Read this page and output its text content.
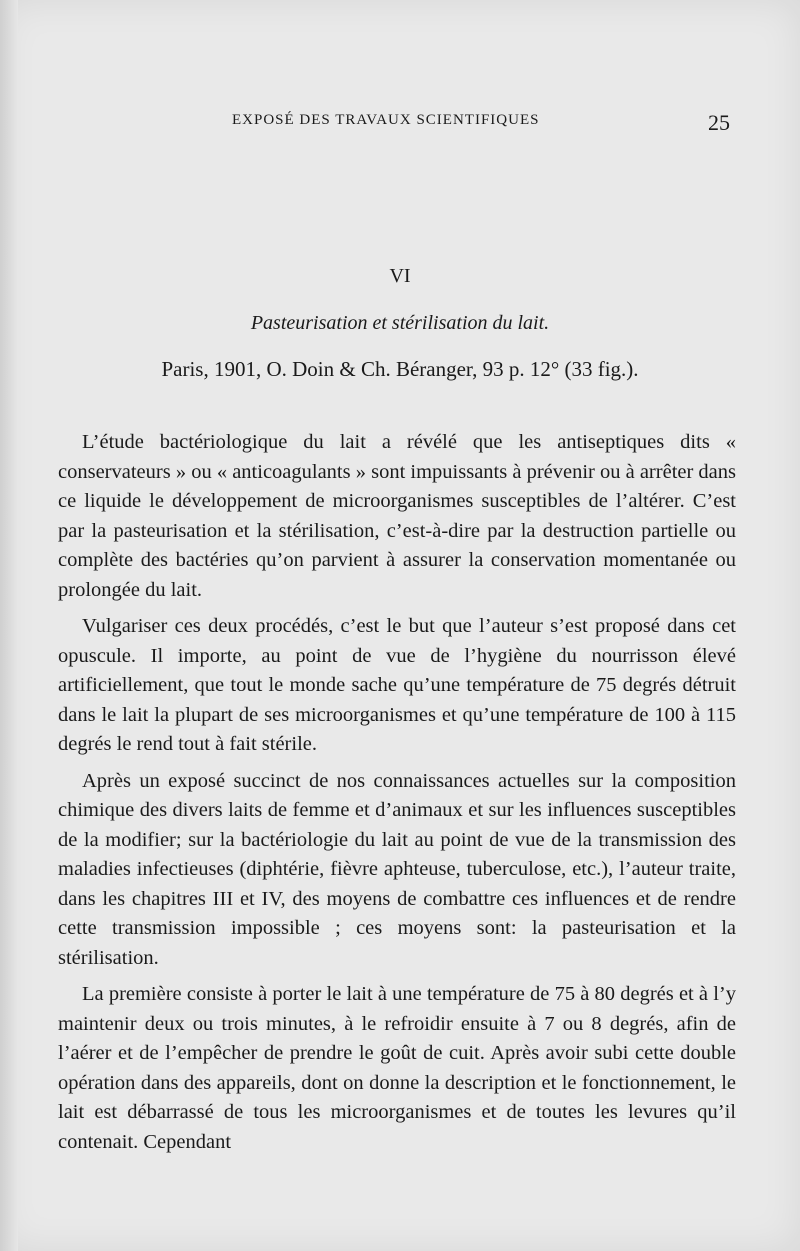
EXPOSÉ DES TRAVAUX SCIENTIFIQUES	25
VI
Pasteurisation et stérilisation du lait.
Paris, 1901, O. Doin & Ch. Béranger, 93 p. 12° (33 fig.).

L’étude bactériologique du lait a révélé que les antiseptiques dits « conservateurs » ou « anticoagulants » sont impuissants à prévenir ou à arrêter dans ce liquide le développement de microorganismes susceptibles de l’altérer. C’est par la pasteurisation et la stérilisation, c’est-à-dire par la destruction partielle ou complète des bactéries qu’on parvient à assurer la conservation momentanée ou prolongée du lait.

Vulgariser ces deux procédés, c’est le but que l’auteur s’est proposé dans cet opuscule. Il importe, au point de vue de l’hygiène du nourrisson élevé artificiellement, que tout le monde sache qu’une température de 75 degrés détruit dans le lait la plupart de ses microorganismes et qu’une température de 100 à 115 degrés le rend tout à fait stérile.

Après un exposé succinct de nos connaissances actuelles sur la composition chimique des divers laits de femme et d’animaux et sur les influences susceptibles de la modifier; sur la bactériologie du lait au point de vue de la transmission des maladies infectieuses (diphtérie, fièvre aphteuse, tuberculose, etc.), l’auteur traite, dans les chapitres III et IV, des moyens de combattre ces influences et de rendre cette transmission impossible ; ces moyens sont: la pasteurisation et la stérilisation.

La première consiste à porter le lait à une température de 75 à 80 degrés et à l’y maintenir deux ou trois minutes, à le refroidir ensuite à 7 ou 8 degrés, afin de l’aérer et de l’empêcher de prendre le goût de cuit. Après avoir subi cette double opération dans des appareils, dont on donne la description et le fonctionnement, le lait est débarrassé de tous les microorganismes et de toutes les levures qu’il contenait. Cependant
